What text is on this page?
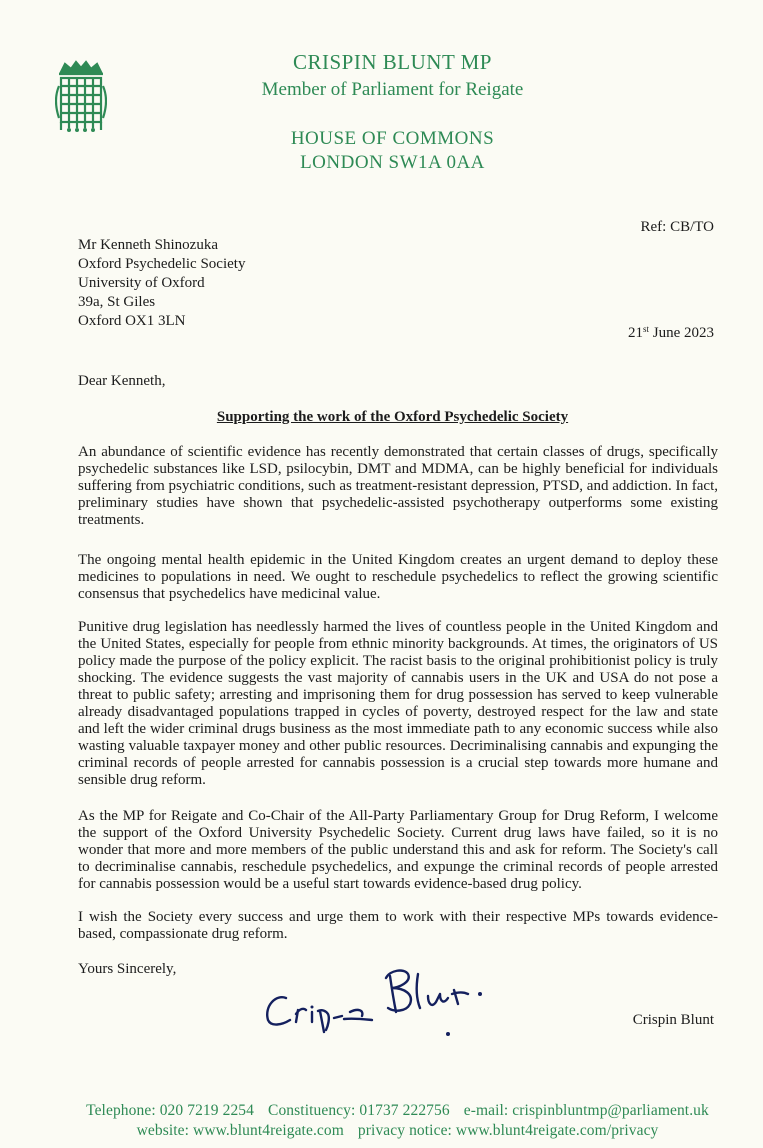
CRISPIN BLUNT MP
Member of Parliament for Reigate
HOUSE OF COMMONS
LONDON SW1A 0AA
Ref: CB/TO
Mr Kenneth Shinozuka
Oxford Psychedelic Society
University of Oxford
39a, St Giles
Oxford OX1 3LN
21st June 2023
Dear Kenneth,
Supporting the work of the Oxford Psychedelic Society
An abundance of scientific evidence has recently demonstrated that certain classes of drugs, specifically psychedelic substances like LSD, psilocybin, DMT and MDMA, can be highly beneficial for individuals suffering from psychiatric conditions, such as treatment-resistant depression, PTSD, and addiction. In fact, preliminary studies have shown that psychedelic-assisted psychotherapy outperforms some existing treatments.
The ongoing mental health epidemic in the United Kingdom creates an urgent demand to deploy these medicines to populations in need. We ought to reschedule psychedelics to reflect the growing scientific consensus that psychedelics have medicinal value.
Punitive drug legislation has needlessly harmed the lives of countless people in the United Kingdom and the United States, especially for people from ethnic minority backgrounds. At times, the originators of US policy made the purpose of the policy explicit. The racist basis to the original prohibitionist policy is truly shocking. The evidence suggests the vast majority of cannabis users in the UK and USA do not pose a threat to public safety; arresting and imprisoning them for drug possession has served to keep vulnerable already disadvantaged populations trapped in cycles of poverty, destroyed respect for the law and state and left the wider criminal drugs business as the most immediate path to any economic success while also wasting valuable taxpayer money and other public resources. Decriminalising cannabis and expunging the criminal records of people arrested for cannabis possession is a crucial step towards more humane and sensible drug reform.
As the MP for Reigate and Co-Chair of the All-Party Parliamentary Group for Drug Reform, I welcome the support of the Oxford University Psychedelic Society. Current drug laws have failed, so it is no wonder that more and more members of the public understand this and ask for reform. The Society's call to decriminalise cannabis, reschedule psychedelics, and expunge the criminal records of people arrested for cannabis possession would be a useful start towards evidence-based drug policy.
I wish the Society every success and urge them to work with their respective MPs towards evidence-based, compassionate drug reform.
Yours Sincerely,
Crispin Blunt
Telephone: 020 7219 2254 Constituency: 01737 222756 e-mail: crispinbluntmp@parliament.uk
website: www.blunt4reigate.com privacy notice: www.blunt4reigate.com/privacy
